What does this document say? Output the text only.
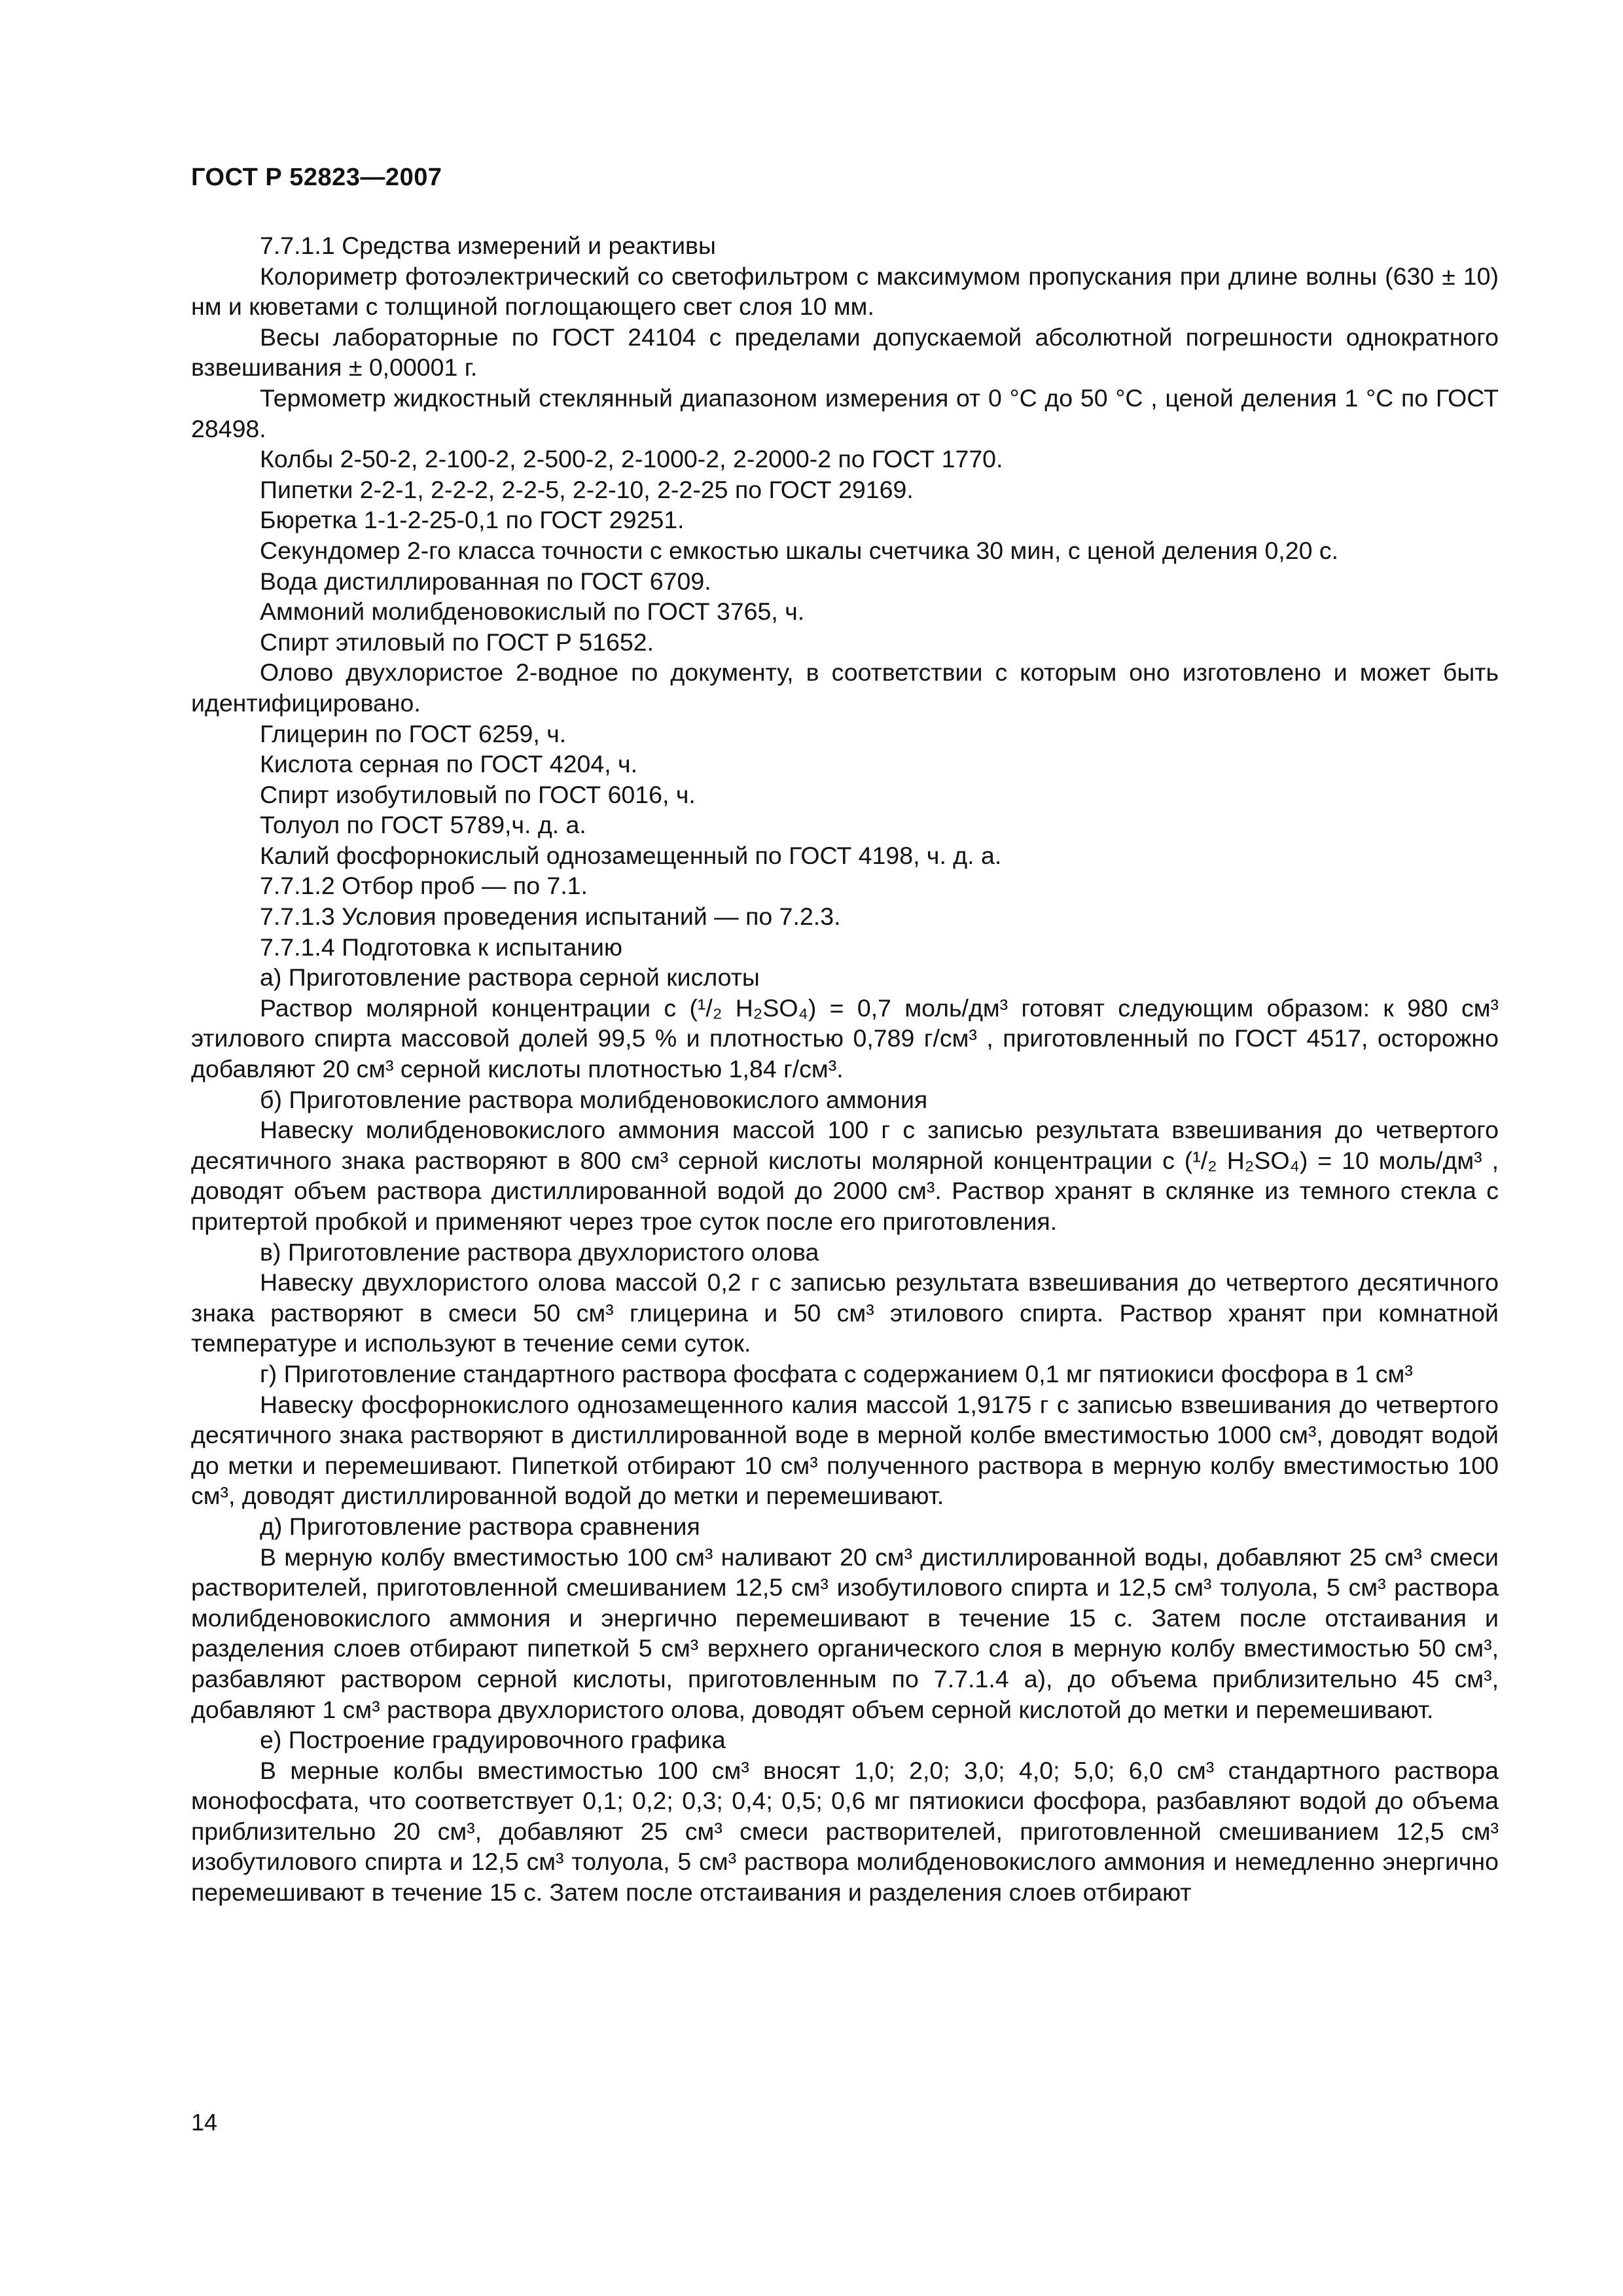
ГОСТ Р 52823—2007

7.7.1.1 Средства измерений и реактивы

Колориметр фотоэлектрический со светофильтром с максимумом пропускания при длине волны (630 ± 10) нм и кюветами с толщиной поглощающего свет слоя 10 мм.

Весы лабораторные по ГОСТ 24104 с пределами допускаемой абсолютной погрешности однократного взвешивания ± 0,00001 г.

Термометр жидкостный стеклянный диапазоном измерения от 0 °С до 50 °С , ценой деления 1 °С по ГОСТ 28498.

Колбы 2-50-2, 2-100-2, 2-500-2, 2-1000-2, 2-2000-2 по ГОСТ 1770.

Пипетки 2-2-1, 2-2-2, 2-2-5, 2-2-10, 2-2-25 по ГОСТ 29169.

Бюретка 1-1-2-25-0,1 по ГОСТ 29251.

Секундомер 2-го класса точности с емкостью шкалы счетчика 30 мин, с ценой деления 0,20 с.

Вода дистиллированная по ГОСТ 6709.

Аммоний молибденовокислый по ГОСТ 3765, ч.

Спирт этиловый по ГОСТ Р 51652.

Олово двухлористое 2-водное по документу, в соответствии с которым оно изготовлено и может быть идентифицировано.

Глицерин по ГОСТ 6259, ч.

Кислота серная по ГОСТ 4204, ч.

Спирт изобутиловый по ГОСТ 6016, ч.

Толуол по ГОСТ 5789,ч. д. а.

Калий фосфорнокислый однозамещенный по ГОСТ 4198, ч. д. а.

7.7.1.2 Отбор проб — по 7.1.

7.7.1.3 Условия проведения испытаний — по 7.2.3.

7.7.1.4 Подготовка к испытанию

а) Приготовление раствора серной кислоты

Раствор молярной концентрации с (¹/₂ H₂SO₄) = 0,7 моль/дм³ готовят следующим образом: к 980 см³ этилового спирта массовой долей 99,5 % и плотностью 0,789 г/см³ , приготовленный по ГОСТ 4517, осторожно добавляют 20 см³ серной кислоты плотностью 1,84 г/см³.

б) Приготовление раствора молибденовокислого аммония

Навеску молибденовокислого аммония массой 100 г с записью результата взвешивания до четвертого десятичного знака растворяют в 800 см³ серной кислоты молярной концентрации с (¹/₂ H₂SO₄) = 10 моль/дм³ , доводят объем раствора дистиллированной водой до 2000 см³. Раствор хранят в склянке из темного стекла с притертой пробкой и применяют через трое суток после его приготовления.

в) Приготовление раствора двухлористого олова

Навеску двухлористого олова массой 0,2 г с записью результата взвешивания до четвертого десятичного знака растворяют в смеси 50 см³ глицерина и 50 см³ этилового спирта. Раствор хранят при комнатной температуре и используют в течение семи суток.

г) Приготовление стандартного раствора фосфата с содержанием 0,1 мг пятиокиси фосфора в 1 см³

Навеску фосфорнокислого однозамещенного калия массой 1,9175 г с записью взвешивания до четвертого десятичного знака растворяют в дистиллированной воде в мерной колбе вместимостью 1000 см³, доводят водой до метки и перемешивают. Пипеткой отбирают 10 см³ полученного раствора в мерную колбу вместимостью 100 см³, доводят дистиллированной водой до метки и перемешивают.

д) Приготовление раствора сравнения

В мерную колбу вместимостью 100 см³ наливают 20 см³ дистиллированной воды, добавляют 25 см³ смеси растворителей, приготовленной смешиванием 12,5 см³ изобутилового спирта и 12,5 см³ толуола, 5 см³ раствора молибденовокислого аммония и энергично перемешивают в течение 15 с. Затем после отстаивания и разделения слоев отбирают пипеткой 5 см³ верхнего органического слоя в мерную колбу вместимостью 50 см³, разбавляют раствором серной кислоты, приготовленным по 7.7.1.4 а), до объема приблизительно 45 см³, добавляют 1 см³ раствора двухлористого олова, доводят объем серной кислотой до метки и перемешивают.

е) Построение градуировочного графика

В мерные колбы вместимостью 100 см³ вносят 1,0; 2,0; 3,0; 4,0; 5,0; 6,0 см³ стандартного раствора монофосфата, что соответствует 0,1; 0,2; 0,3; 0,4; 0,5; 0,6 мг пятиокиси фосфора, разбавляют водой до объема приблизительно 20 см³, добавляют 25 см³ смеси растворителей, приготовленной смешиванием 12,5 см³ изобутилового спирта и 12,5 см³ толуола, 5 см³ раствора молибденовокислого аммония и немедленно энергично перемешивают в течение 15 с. Затем после отстаивания и разделения слоев отбирают

14
